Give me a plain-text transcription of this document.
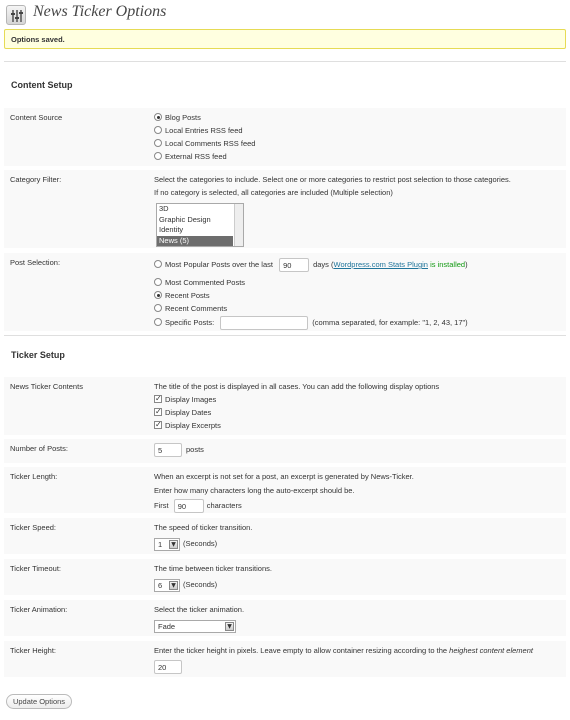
News Ticker Options
Options saved.
Content Setup
Content Source	Blog Posts
Local Entries RSS feed
Local Comments RSS feed
External RSS feed
Category Filter:	Select the categories to include. Select one or more categories to restrict post selection to those categories.
If no category is selected, all categories are included (Multiple selection)
3D
Graphic Design
Identity
News (5)
Post Selection:	Most Popular Posts over the last 90	days (Wordpress.com Stats Plugin is installed)
Most Commented Posts
Recent Posts
Recent Comments
Specific Posts:	(comma separated, for example: "1, 2, 43, 17")
Ticker Setup
News Ticker Contents	The title of the post is displayed in all cases. You can add the following display options
✓Display Images
✓Display Dates
✓Display Excerpts
Number of Posts:	5	posts
Ticker Length:	When an excerpt is not set for a post, an excerpt is generated by News-Ticker.
Enter how many characters long the auto-excerpt should be.
First 90	characters
Ticker Speed:	The speed of ticker transition.
1	▼ (Seconds)
Ticker Timeout:	The time between ticker transitions.
6	▼ (Seconds)
Ticker Animation:	Select the ticker animation.
Fade	▼
Ticker Height:	Enter the ticker height in pixels. Leave empty to allow container resizing according to the heighest content element
20
Update Options
